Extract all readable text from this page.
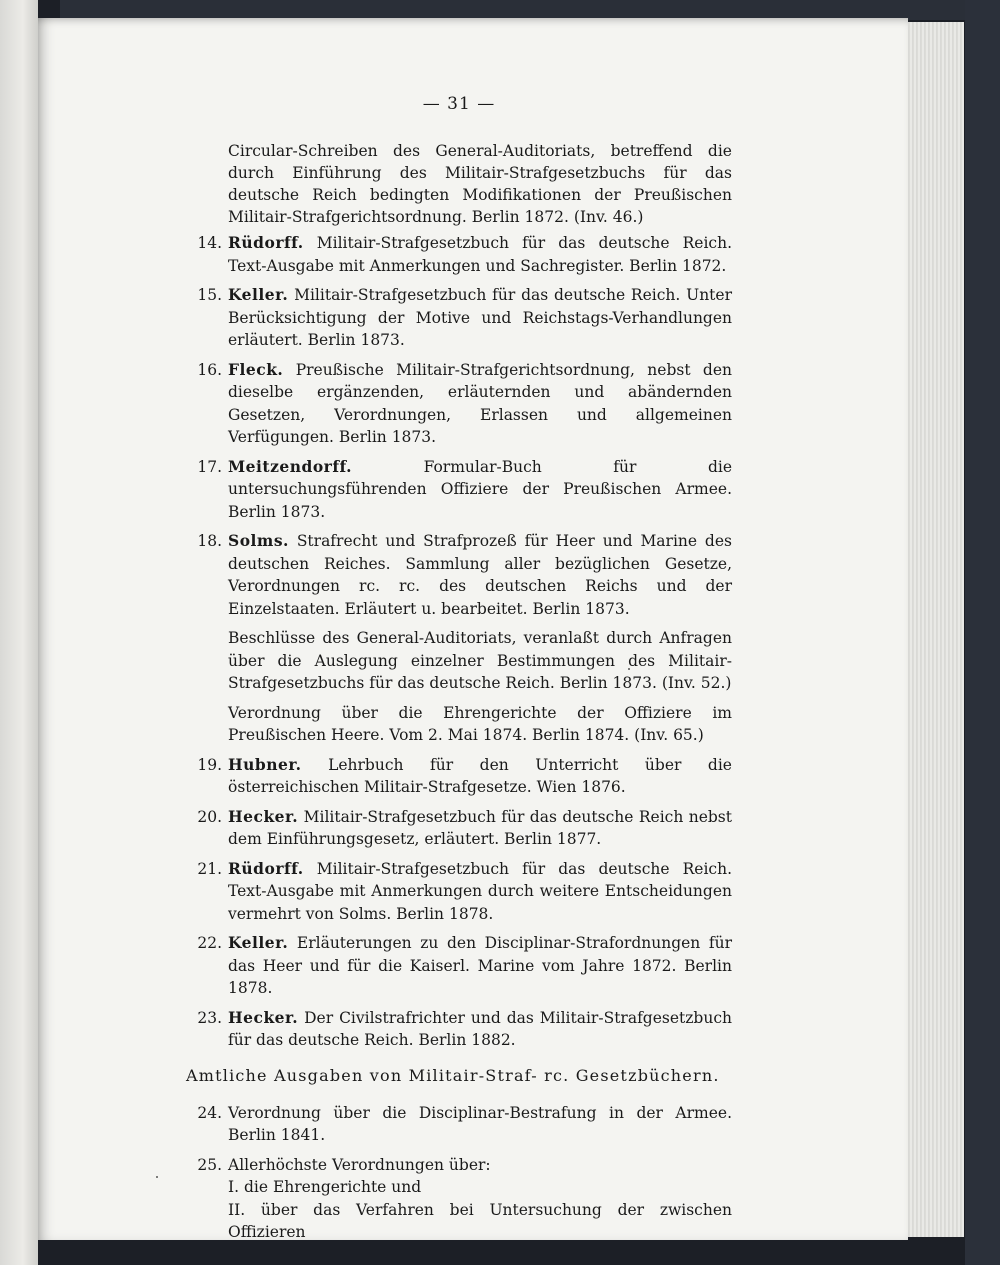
— 31 —
Circular-Schreiben des General-Auditoriats, betreffend die durch Einführung des Militair-Strafgesetzbuchs für das deutsche Reich bedingten Modifikationen der Preußischen Militair-Strafgerichtsordnung. Berlin 1872. (Inv. 46.)
14. Rüdorff. Militair-Strafgesetzbuch für das deutsche Reich. Text-Ausgabe mit Anmerkungen und Sachregister. Berlin 1872.
15. Keller. Militair-Strafgesetzbuch für das deutsche Reich. Unter Berücksichtigung der Motive und Reichstags-Verhandlungen erläutert. Berlin 1873.
16. Fleck. Preußische Militair-Strafgerichtsordnung, nebst den dieselbe ergänzenden, erläuternden und abändernden Gesetzen, Verordnungen, Erlassen und allgemeinen Verfügungen. Berlin 1873.
17. Meitzendorff.	Formular-Buch für die untersuchungsführenden Offiziere der Preußischen Armee. Berlin 1873.
18. Solms. Strafrecht und Strafprozeß für Heer und Marine des deutschen Reiches. Sammlung aller bezüglichen Gesetze, Verordnungen rc. rc. des deutschen Reichs und der Einzelstaaten. Erläutert u. bearbeitet. Berlin 1873.
Beschlüsse des General-Auditoriats, veranlaßt durch Anfragen über die Auslegung einzelner Bestimmungen des Militair-Strafgesetzbuchs für das deutsche Reich. Berlin 1873. (Inv. 52.)
Verordnung über die Ehrengerichte der Offiziere im Preußischen Heere. Vom 2. Mai 1874. Berlin 1874. (Inv. 65.)
19. Hubner. Lehrbuch für den Unterricht über die österreichischen Militair-Strafgesetze. Wien 1876.
20. Hecker. Militair-Strafgesetzbuch für das deutsche Reich nebst dem Einführungsgesetz, erläutert. Berlin 1877.
21. Rüdorff. Militair-Strafgesetzbuch für das deutsche Reich. Text-Ausgabe mit Anmerkungen durch weitere Entscheidungen vermehrt von Solms. Berlin 1878.
22. Keller. Erläuterungen zu den Disciplinar-Strafordnungen für das Heer und für die Kaiserl. Marine vom Jahre 1872. Berlin 1878.
23. Hecker. Der Civilstrafrichter und das Militair-Strafgesetzbuch für das deutsche Reich. Berlin 1882.
Amtliche Ausgaben von Militair-Straf- rc. Gesetzbüchern.
24. Verordnung über die Disciplinar-Bestrafung in der Armee. Berlin 1841.
25. Allerhöchste Verordnungen über:
I. die Ehrengerichte und
II. über das Verfahren bei Untersuchung der zwischen Offizieren
